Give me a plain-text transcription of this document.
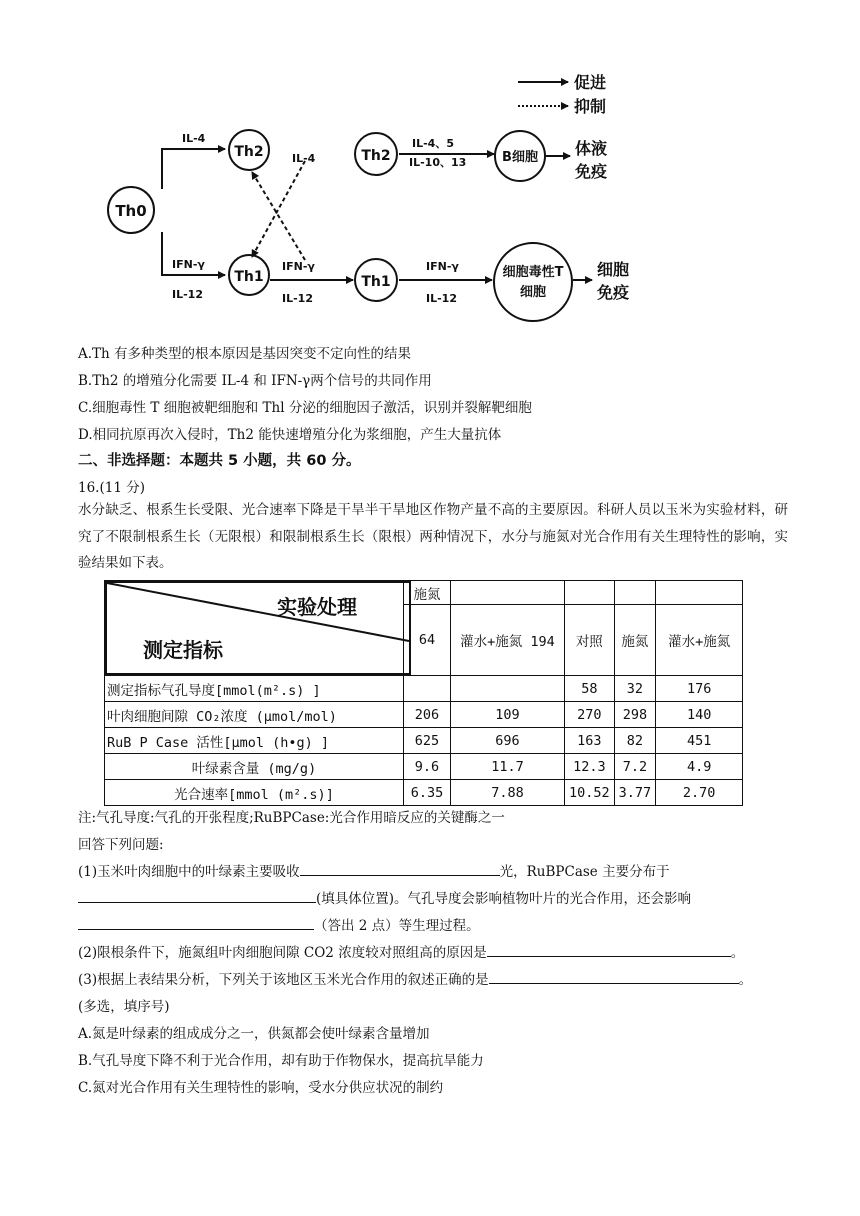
促进
抑制
Th0
IL-4
IFN-γ
IL-12
Th2
Th1
IL-4
IFN-γ
IL-12
Th2
Th1
IL-4、5
IL-10、13	B细胞 体液
免疫
IFN-γ
IL-12
细胞毒性T
细胞
细胞
免疫
A.Th 有多种类型的根本原因是基因突变不定向性的结果
B.Th2 的增殖分化需要 IL-4 和 IFN-γ两个信号的共同作用
C.细胞毒性 T 细胞被靶细胞和 Thl 分泌的细胞因子激活，识别并裂解靶细胞
D.相同抗原再次入侵时，Th2 能快速增殖分化为浆细胞，产生大量抗体
二、非选择题：本题共 5 小题，共 60 分。
16.(11 分)
水分缺乏、根系生长受限、光合速率下降是干旱半干旱地区作物产量不高的主要原因。科研人员以玉米为实验材料，研究了不限制根系生长（无限根）和限制根系生长（限根）两种情况下，水分与施氮对光合作用有关生理特性的影响，实验结果如下表。
实验处理
测定指标	施氮				
	64	灌水+施氮 194	对照	施氮	灌水+施氮
测定指标气孔导度[mmol(m².s) ]			58	32	176
叶肉细胞间隙 CO₂浓度 (μmol/mol)	206	109	270	298	140
RuB P Case 活性[μmol (h•g) ]	625	696	163	82	451
叶绿素含量 (mg/g)	9.6	11.7	12.3	7.2	4.9
光合速率[mmol (m².s)]	6.35	7.88	10.52	3.77	2.70
注:气孔导度:气孔的开张程度;RuBPCase:光合作用暗反应的关键酶之一
回答下列问题:
(1)玉米叶肉细胞中的叶绿素主要吸收	光，RuBPCase 主要分布于
(填具体位置)。气孔导度会影响植物叶片的光合作用，还会影响
（答出 2 点）等生理过程。
(2)限根条件下，施氮组叶肉细胞间隙 CO2 浓度较对照组高的原因是	。
(3)根据上表结果分析，下列关于该地区玉米光合作用的叙述正确的是	。
(多选，填序号)
A.氮是叶绿素的组成成分之一，供氮都会使叶绿素含量增加
B.气孔导度下降不利于光合作用，却有助于作物保水，提高抗旱能力
C.氮对光合作用有关生理特性的影响，受水分供应状况的制约
